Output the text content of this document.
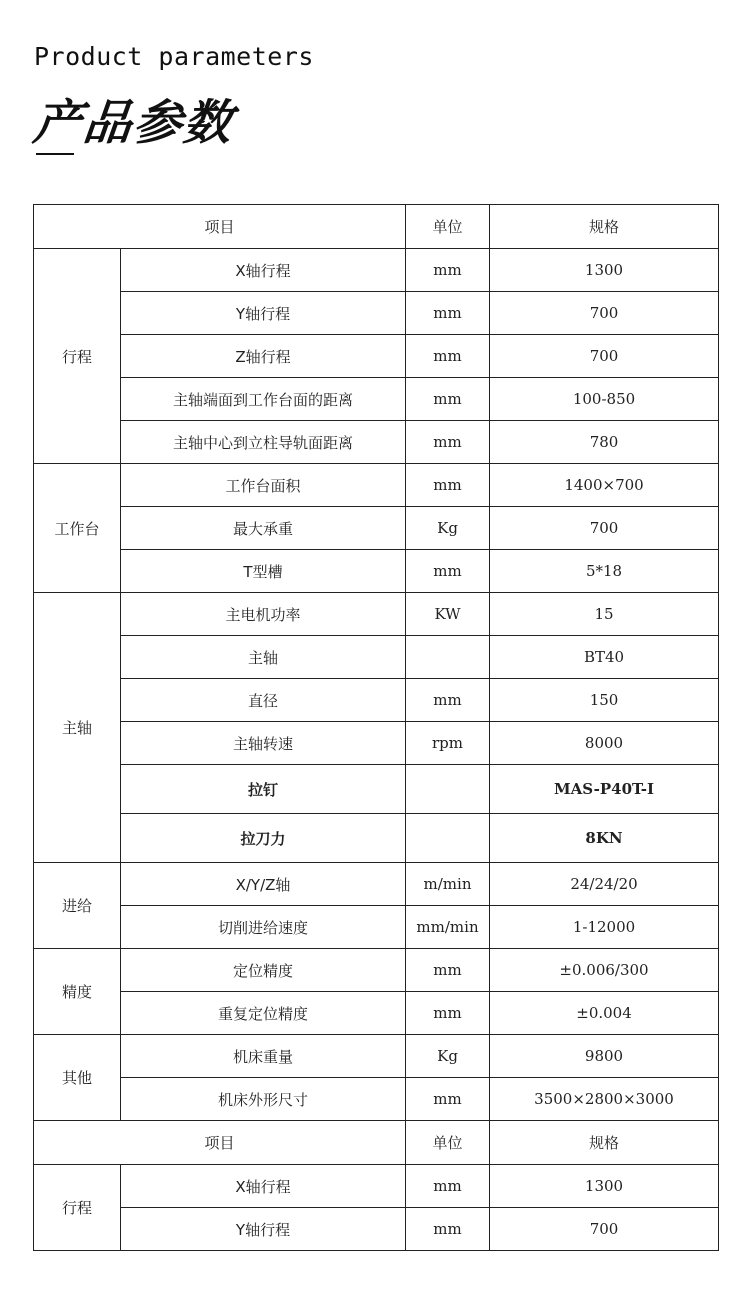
Product parameters
产品参数
项目		单位	规格
行程	X轴行程	mm	1300
	Y轴行程	mm	700
	Z轴行程	mm	700
	主轴端面到工作台面的距离	mm	100-850
	主轴中心到立柱导轨面距离	mm	780
工作台	工作台面积	mm	1400×700
	最大承重	Kg	700
	T型槽	mm	5*18
主轴	主电机功率	KW	15
	主轴		BT40
	直径	mm	150
	主轴转速	rpm	8000
	拉钉		MAS-P40T-Ⅰ
	拉刀力		8KN
进给	X/Y/Z轴	m/min	24/24/20
	切削进给速度	mm/min	1-12000
精度	定位精度	mm	±0.006/300
	重复定位精度	mm	±0.004
其他	机床重量	Kg	9800
	机床外形尺寸	mm	3500×2800×3000
项目		单位	规格
行程	X轴行程	mm	1300
	Y轴行程	mm	700
